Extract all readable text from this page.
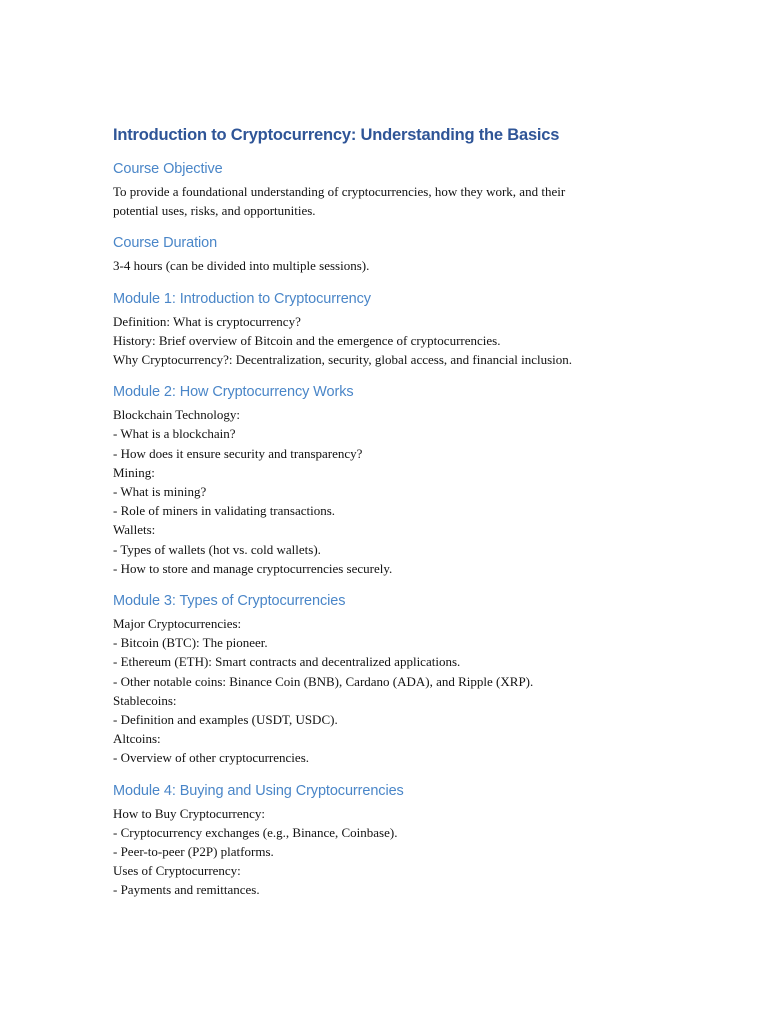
Introduction to Cryptocurrency: Understanding the Basics
Course Objective

To provide a foundational understanding of cryptocurrencies, how they work, and their

potential uses, risks, and opportunities.

Course Duration

3-4 hours (can be divided into multiple sessions).

Module 1: Introduction to Cryptocurrency

Definition: What is cryptocurrency?

History: Brief overview of Bitcoin and the emergence of cryptocurrencies.

Why Cryptocurrency?: Decentralization, security, global access, and financial inclusion.

Module 2: How Cryptocurrency Works

Blockchain Technology:

- What is a blockchain?

- How does it ensure security and transparency?

Mining:

- What is mining?

- Role of miners in validating transactions.

Wallets:

- Types of wallets (hot vs. cold wallets).

- How to store and manage cryptocurrencies securely.

Module 3: Types of Cryptocurrencies

Major Cryptocurrencies:

- Bitcoin (BTC): The pioneer.

- Ethereum (ETH): Smart contracts and decentralized applications.

- Other notable coins: Binance Coin (BNB), Cardano (ADA), and Ripple (XRP).

Stablecoins:

- Definition and examples (USDT, USDC).

Altcoins:

- Overview of other cryptocurrencies.

Module 4: Buying and Using Cryptocurrencies

How to Buy Cryptocurrency:

- Cryptocurrency exchanges (e.g., Binance, Coinbase).

- Peer-to-peer (P2P) platforms.

Uses of Cryptocurrency:

- Payments and remittances.
